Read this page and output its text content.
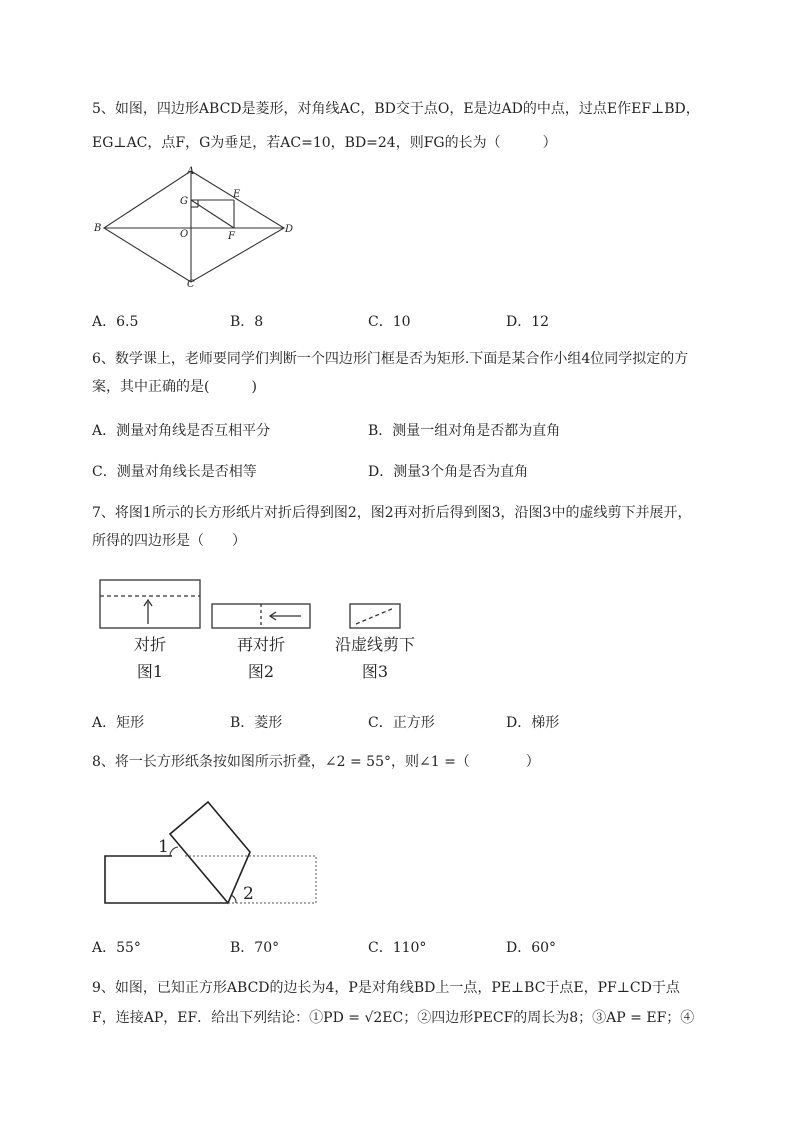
5、如图，四边形ABCD是菱形，对角线AC，BD交于点O，E是边AD的中点，过点E作EF⊥BD，

EG⊥AC，点F，G为垂足，若AC=10，BD=24，则FG的长为（　　　）

A
B
C
D
E
F
G
O
A．6.5	B．8	C．10	D．12

6、数学课上，老师要同学们判断一个四边形门框是否为矩形.下面是某合作小组4位同学拟定的方

案，其中正确的是(　　　)

A．测量对角线是否互相平分	B．测量一组对角是否都为直角
C．测量对角线长是否相等	D．测量3个角是否为直角

7、将图1所示的长方形纸片对折后得到图2，图2再对折后得到图3，沿图3中的虚线剪下并展开，

所得的四边形是（　　）

对折
图1
再对折
图2
沿虚线剪下
图3
A．矩形	B．菱形	C．正方形	D．梯形

8、将一长方形纸条按如图所示折叠，∠2 = 55°，则∠1 =（　　　　）

1
2
A．55°	B．70°	C．110°	D．60°

9、如图，已知正方形ABCD的边长为4，P是对角线BD上一点，PE⊥BC于点E，PF⊥CD于点

F，连接AP，EF．给出下列结论：①PD = √2EC；②四边形PECF的周长为8；③AP = EF；④
